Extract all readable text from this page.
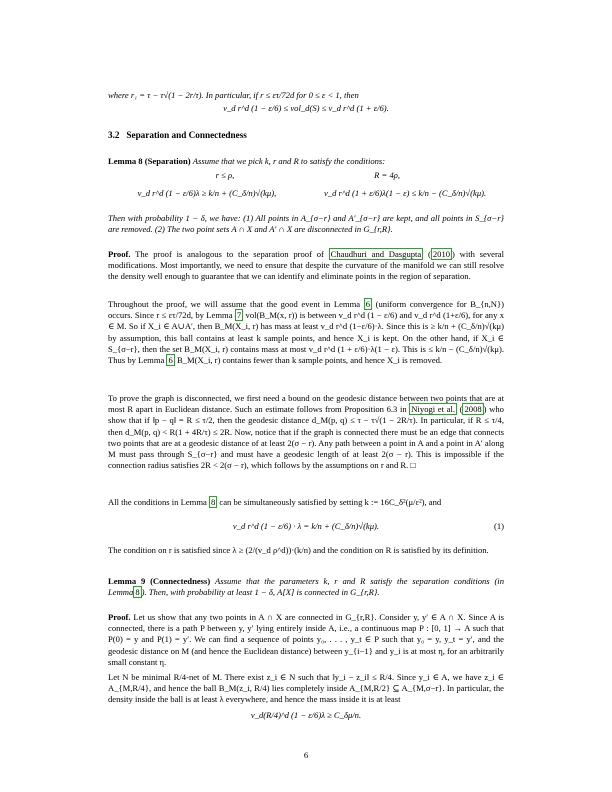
where r₁ = τ − τ√(1 − 2r/τ). In particular, if r ≤ ετ/72d for 0 ≤ ε < 1, then
v_d r^d (1 − ε/6) ≤ vol_d(S) ≤ v_d r^d (1 + ε/6).
3.2 Separation and Connectedness
Lemma 8 (Separation) Assume that we pick k, r and R to satisfy the conditions:
r ≤ ρ,	R = 4ρ,
v_d r^d (1 − ε/6)λ ≥ k/n + (C_δ/n)√(kμ),	v_d r^d (1 + ε/6)λ(1 − ε) ≤ k/n − (C_δ/n)√(kμ).
Then with probability 1 − δ, we have: (1) All points in A_{σ−r} and A′_{σ−r} are kept, and all points in S_{σ−r} are removed. (2) The two point sets A ∩ X and A′ ∩ X are disconnected in G_{r,R}.
Proof. The proof is analogous to the separation proof of Chaudhuri and Dasgupta ( 2010 ) with several modifications. Most importantly, we need to ensure that despite the curvature of the manifold we can still resolve the density well enough to guarantee that we can identify and eliminate points in the region of separation.
Throughout the proof, we will assume that the good event in Lemma 6 (uniform convergence for B_{n,N}) occurs. Since r ≤ ετ/72d, by Lemma 7 vol(B_M(x, r)) is between v_d r^d (1 − ε/6) and v_d r^d (1+ε/6), for any x ∈ M. So if X_i ∈ A∪A′, then B_M(X_i, r) has mass at least v_d r^d (1−ε/6)·λ. Since this is ≥ k/n + (C_δ/n)√(kμ) by assumption, this ball contains at least k sample points, and hence X_i is kept. On the other hand, if X_i ∈ S_{σ−r}, then the set B_M(X_i, r) contains mass at most v_d r^d (1 + ε/6)·λ(1 − ε). This is ≤ k/n − (C_δ/n)√(kμ). Thus by Lemma 6 B_M(X_i, r) contains fewer than k sample points, and hence X_i is removed.
To prove the graph is disconnected, we first need a bound on the geodesic distance between two points that are at most R apart in Euclidean distance. Such an estimate follows from Proposition 6.3 in Niyogi et al. ( 2008 ) who show that if ‖p − q‖ = R ≤ τ/2, then the geodesic distance d_M(p, q) ≤ τ − τ√(1 − 2R/τ). In particular, if R ≤ τ/4, then d_M(p, q) < R(1 + 4R/τ) ≤ 2R. Now, notice that if the graph is connected there must be an edge that connects two points that are at a geodesic distance of at least 2(σ − r). Any path between a point in A and a point in A′ along M must pass through S_{σ−r} and must have a geodesic length of at least 2(σ − r). This is impossible if the connection radius satisfies 2R < 2(σ − r), which follows by the assumptions on r and R. □
All the conditions in Lemma 8 can be simultaneously satisfied by setting k := 16C_δ²(μ/ε²), and
v_d r^d (1 − ε/6) · λ = k/n + (C_δ/n)√(kμ).	(1)
The condition on r is satisfied since λ ≥ (2/(v_d ρ^d))·(k/n) and the condition on R is satisfied by its definition.
Lemma 9 (Connectedness) Assume that the parameters k, r and R satisfy the separation conditions (in Lemma 8 ). Then, with probability at least 1 − δ, A[X] is connected in G_{r,R}.
Proof. Let us show that any two points in A ∩ X are connected in G_{r,R}. Consider y, y′ ∈ A ∩ X. Since A is connected, there is a path P between y, y′ lying entirely inside A, i.e., a continuous map P : [0, 1] → A such that P(0) = y and P(1) = y′. We can find a sequence of points y₀, . . . , y_t ∈ P such that y₀ = y, y_t = y′, and the geodesic distance on M (and hence the Euclidean distance) between y_{i−1} and y_i is at most η, for an arbitrarily small constant η.
Let N be minimal R/4-net of M. There exist z_i ∈ N such that ‖y_i − z_i‖ ≤ R/4. Since y_i ∈ A, we have z_i ∈ A_{M,R/4}, and hence the ball B_M(z_i, R/4) lies completely inside A_{M,R/2} ⊆ A_{M,σ−r}. In particular, the density inside the ball is at least λ everywhere, and hence the mass inside it is at least
v_d(R/4)^d (1 − ε/6)λ ≥ C_δμ/n.
6
